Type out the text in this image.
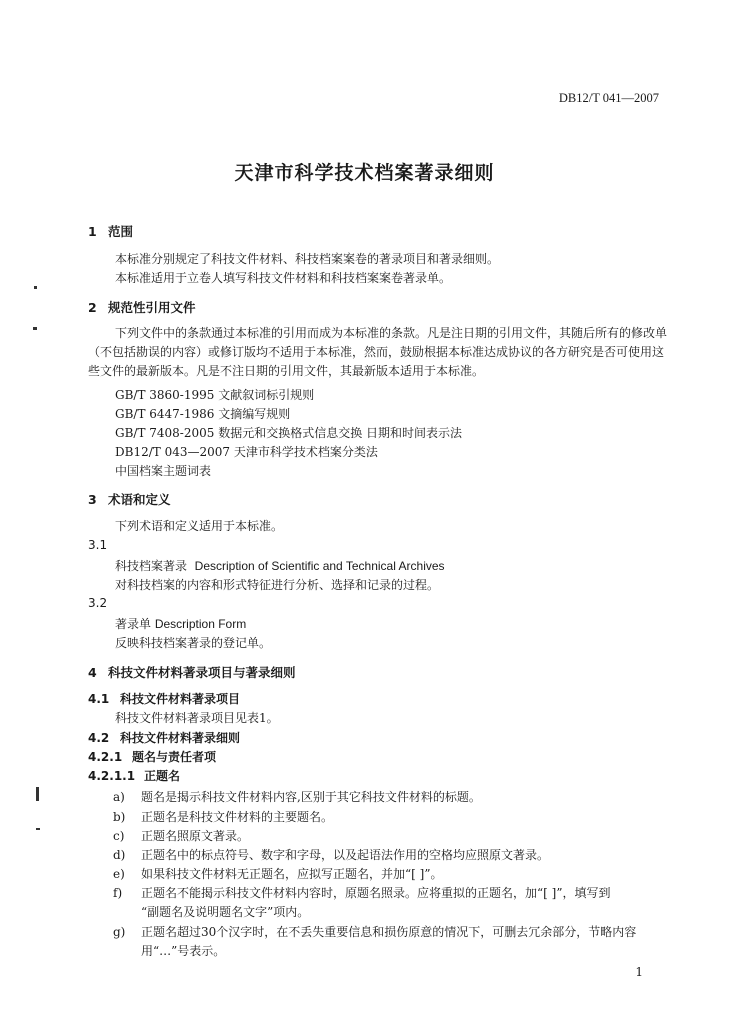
DB12/T 041—2007
天津市科学技术档案著录细则
1 范围
本标准分别规定了科技文件材料、科技档案案卷的著录项目和著录细则。
本标准适用于立卷人填写科技文件材料和科技档案案卷著录单。
2 规范性引用文件
下列文件中的条款通过本标准的引用而成为本标准的条款。凡是注日期的引用文件，其随后所有的修改单（不包括勘误的内容）或修订版均不适用于本标准，然而，鼓励根据本标准达成协议的各方研究是否可使用这些文件的最新版本。凡是不注日期的引用文件，其最新版本适用于本标准。
GB/T 3860-1995 文献叙词标引规则
GB/T 6447-1986 文摘编写规则
GB/T 7408-2005 数据元和交换格式信息交换 日期和时间表示法
DB12/T 043—2007 天津市科学技术档案分类法
中国档案主题词表
3 术语和定义
下列术语和定义适用于本标准。
3.1
科技档案著录 Description of Scientific and Technical Archives
对科技档案的内容和形式特征进行分析、选择和记录的过程。
3.2
著录单 Description Form
反映科技档案著录的登记单。
4 科技文件材料著录项目与著录细则
4.1 科技文件材料著录项目
科技文件材料著录项目见表1。
4.2 科技文件材料著录细则
4.2.1 题名与责任者项
4.2.1.1 正题名
a) 题名是揭示科技文件材料内容,区别于其它科技文件材料的标题。
b) 正题名是科技文件材料的主要题名。
c) 正题名照原文著录。
d) 正题名中的标点符号、数字和字母，以及起语法作用的空格均应照原文著录。
e) 如果科技文件材料无正题名，应拟写正题名，并加“[ ]”。
f) 正题名不能揭示科技文件材料内容时，原题名照录。应将重拟的正题名，加“[ ]”，填写到
“副题名及说明题名文字”项内。
g) 正题名超过30个汉字时，在不丢失重要信息和损伤原意的情况下，可删去冗余部分，节略内容
用“…”号表示。
1
